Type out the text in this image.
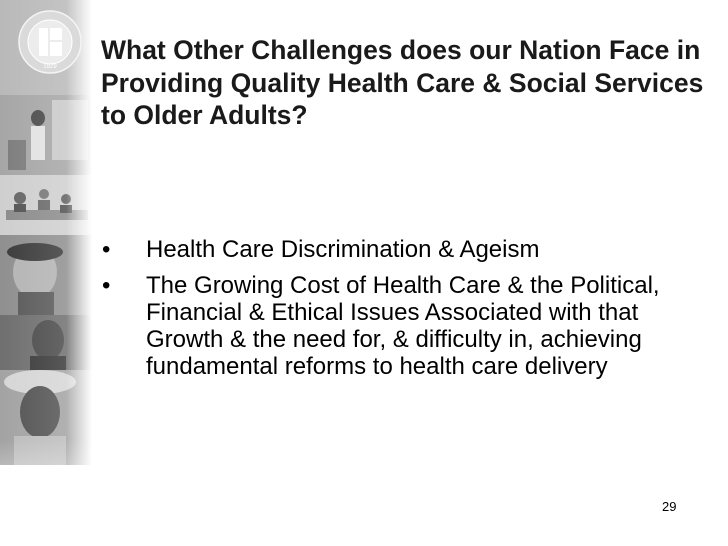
1929
What Other Challenges does our Nation Face in Providing Quality Health Care & Social Services to Older Adults?
•	Health Care Discrimination & Ageism
•	The Growing Cost of Health Care & the Political, Financial & Ethical Issues Associated with that Growth & the need for, & difficulty in, achieving fundamental reforms to health care delivery
29
